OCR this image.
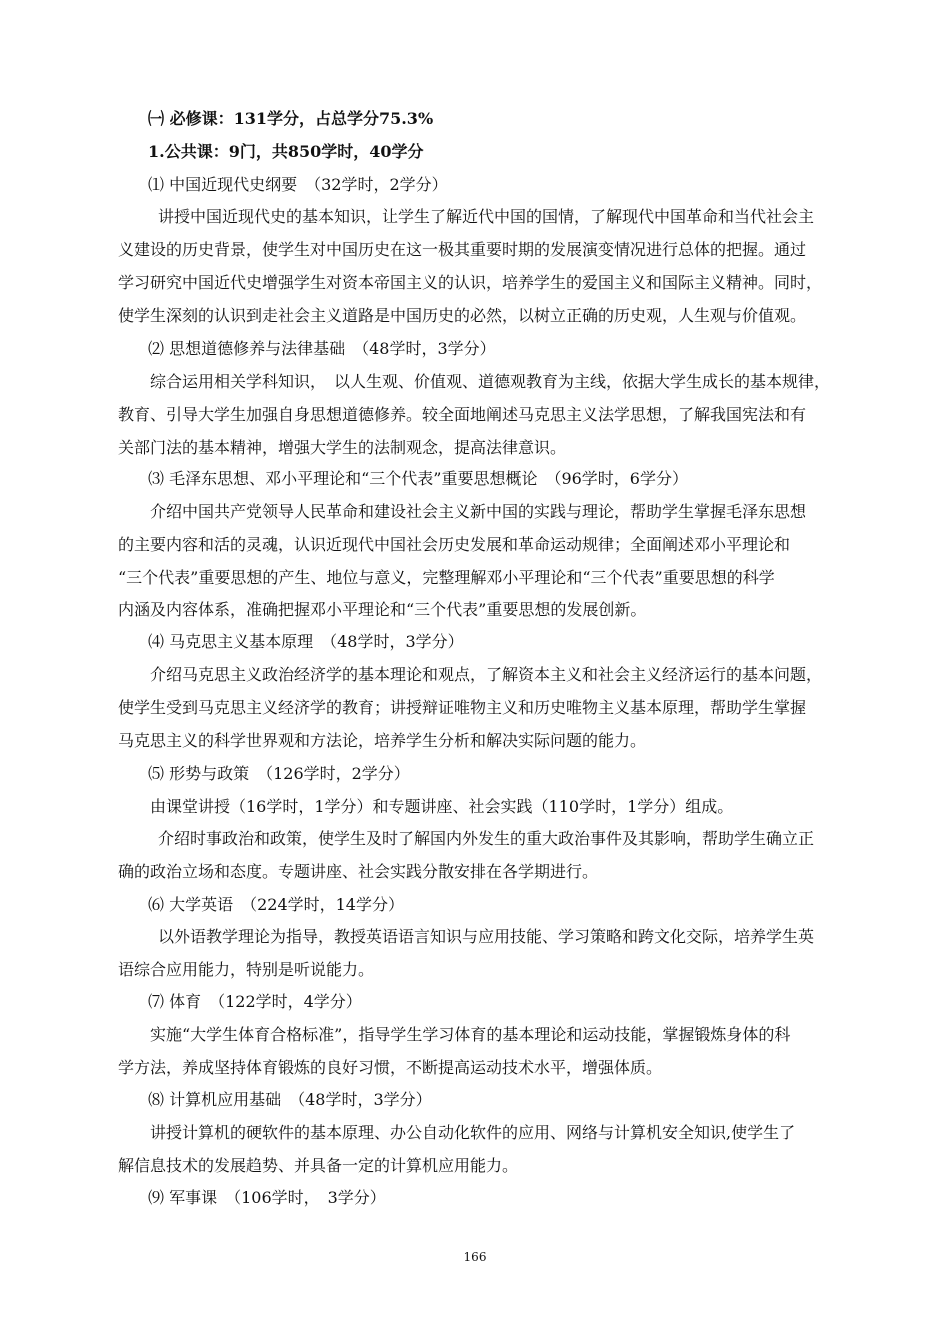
㈠ 必修课：131学分，占总学分75.3%
1.公共课：9门，共850学时，40学分
⑴ 中国近现代史纲要　（32学时，2学分）
讲授中国近现代史的基本知识，让学生了解近代中国的国情，了解现代中国革命和当代社会主
义建设的历史背景，使学生对中国历史在这一极其重要时期的发展演变情况进行总体的把握。通过
学习研究中国近代史增强学生对资本帝国主义的认识，培养学生的爱国主义和国际主义精神。同时，
使学生深刻的认识到走社会主义道路是中国历史的必然，以树立正确的历史观，人生观与价值观。
⑵ 思想道德修养与法律基础　（48学时，3学分）
综合运用相关学科知识，　以人生观、价值观、道德观教育为主线，依据大学生成长的基本规律，
教育、引导大学生加强自身思想道德修养。较全面地阐述马克思主义法学思想，了解我国宪法和有
关部门法的基本精神，增强大学生的法制观念，提高法律意识。
⑶ 毛泽东思想、邓小平理论和“三个代表”重要思想概论　（96学时，6学分）
介绍中国共产党领导人民革命和建设社会主义新中国的实践与理论，帮助学生掌握毛泽东思想
的主要内容和活的灵魂，认识近现代中国社会历史发展和革命运动规律；全面阐述邓小平理论和
“三个代表”重要思想的产生、地位与意义，完整理解邓小平理论和“三个代表”重要思想的科学
内涵及内容体系，准确把握邓小平理论和“三个代表”重要思想的发展创新。
⑷ 马克思主义基本原理　（48学时，3学分）
介绍马克思主义政治经济学的基本理论和观点，了解资本主义和社会主义经济运行的基本问题，
使学生受到马克思主义经济学的教育；讲授辩证唯物主义和历史唯物主义基本原理，帮助学生掌握
马克思主义的科学世界观和方法论，培养学生分析和解决实际问题的能力。
⑸ 形势与政策　（126学时，2学分）
由课堂讲授（16学时，1学分）和专题讲座、社会实践（110学时，1学分）组成。
介绍时事政治和政策，使学生及时了解国内外发生的重大政治事件及其影响，帮助学生确立正
确的政治立场和态度。专题讲座、社会实践分散安排在各学期进行。
⑹ 大学英语　（224学时，14学分）
以外语教学理论为指导，教授英语语言知识与应用技能、学习策略和跨文化交际，培养学生英
语综合应用能力，特别是听说能力。
⑺ 体育　（122学时，4学分）
实施“大学生体育合格标准”，指导学生学习体育的基本理论和运动技能，掌握锻炼身体的科
学方法，养成坚持体育锻炼的良好习惯，不断提高运动技术水平，增强体质。
⑻ 计算机应用基础　（48学时，3学分）
讲授计算机的硬软件的基本原理、办公自动化软件的应用、网络与计算机安全知识,使学生了
解信息技术的发展趋势、并具备一定的计算机应用能力。
⑼ 军事课　（106学时，　3学分）
166
